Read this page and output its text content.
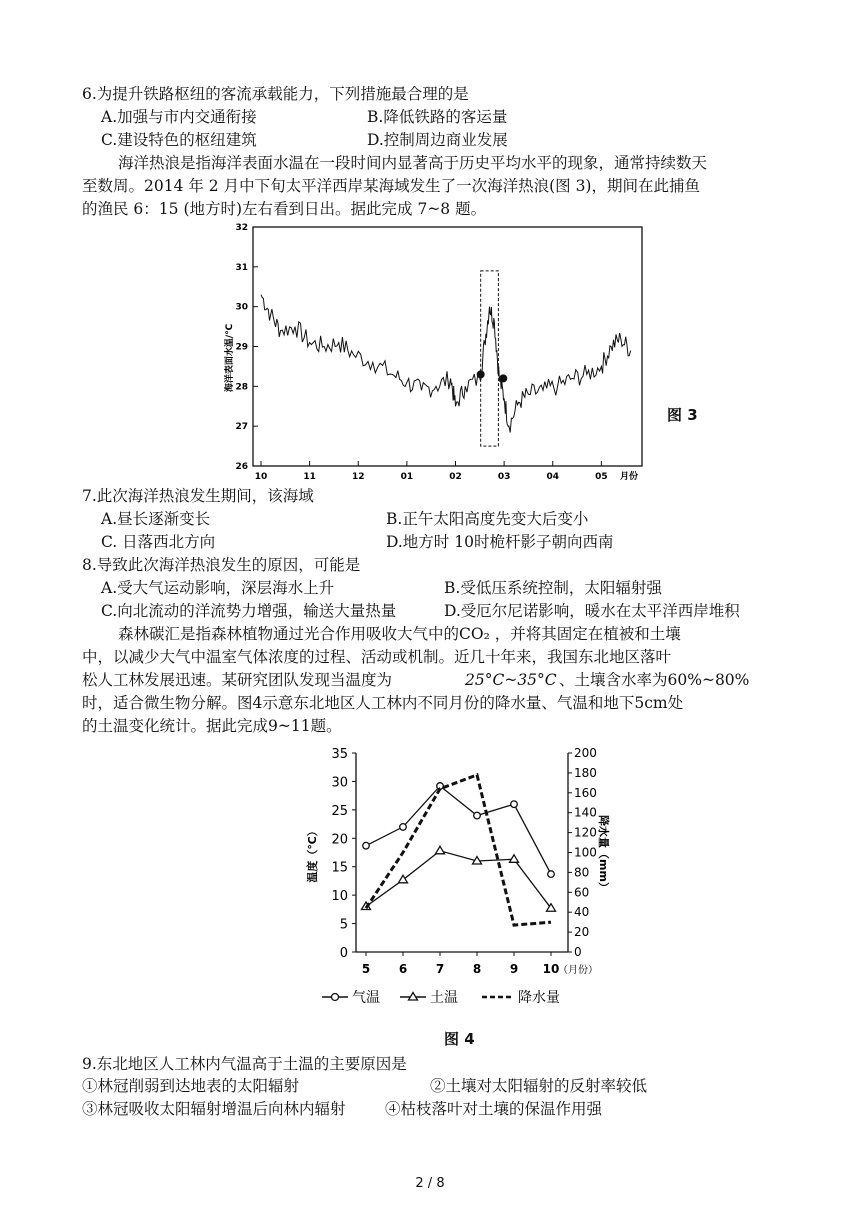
6.为提升铁路枢纽的客流承载能力，下列措施最合理的是
A.加强与市内交通衔接	B.降低铁路的客运量
C.建设特色的枢纽建筑	D.控制周边商业发展
海洋热浪是指海洋表面水温在一段时间内显著高于历史平均水平的现象，通常持续数天
至数周。2014 年 2 月中下旬太平洋西岸某海域发生了一次海洋热浪(图 3)，期间在此捕鱼
的渔民 6：15 (地方时)左右看到日出。据此完成 7~8 题。
32
31
30
29
28
27
26
10	11	12	01	02	03	04	05 月份
海洋表面水温/℃
图 3
7.此次海洋热浪发生期间，该海域
A.昼长逐渐变长	B.正午太阳高度先变大后变小
C. 日落西北方向	D.地方时 10时桅杆影子朝向西南
8.导致此次海洋热浪发生的原因，可能是
A.受大气运动影响，深层海水上升	B.受低压系统控制，太阳辐射强
C.向北流动的洋流势力增强，输送大量热量	D.受厄尔尼诺影响，暖水在太平洋西岸堆积
森林碳汇是指森林植物通过光合作用吸收大气中的CO₂ ，并将其固定在植被和土壤
中，以减少大气中温室气体浓度的过程、活动或机制。近几十年来，我国东北地区落叶
松人工林发展迅速。某研究团队发现当温度为	25°C~35°C 、土壤含水率为60%~80%
时，适合微生物分解。图4示意东北地区人工林内不同月份的降水量、气温和地下5cm处
的土温变化统计。据此完成9~11题。
35
30
25
20
15
10
5
0
200
180
160
140
120
100
80
60
40
20
0
5 6 7 8 9 10
（月份）
温度（℃）	降水量（mm）
气温	土温	降水量
图 4
9.东北地区人工林内气温高于土温的主要原因是
①林冠削弱到达地表的太阳辐射	②土壤对太阳辐射的反射率较低
③林冠吸收太阳辐射增温后向林内辐射	④枯枝落叶对土壤的保温作用强
2 / 8
